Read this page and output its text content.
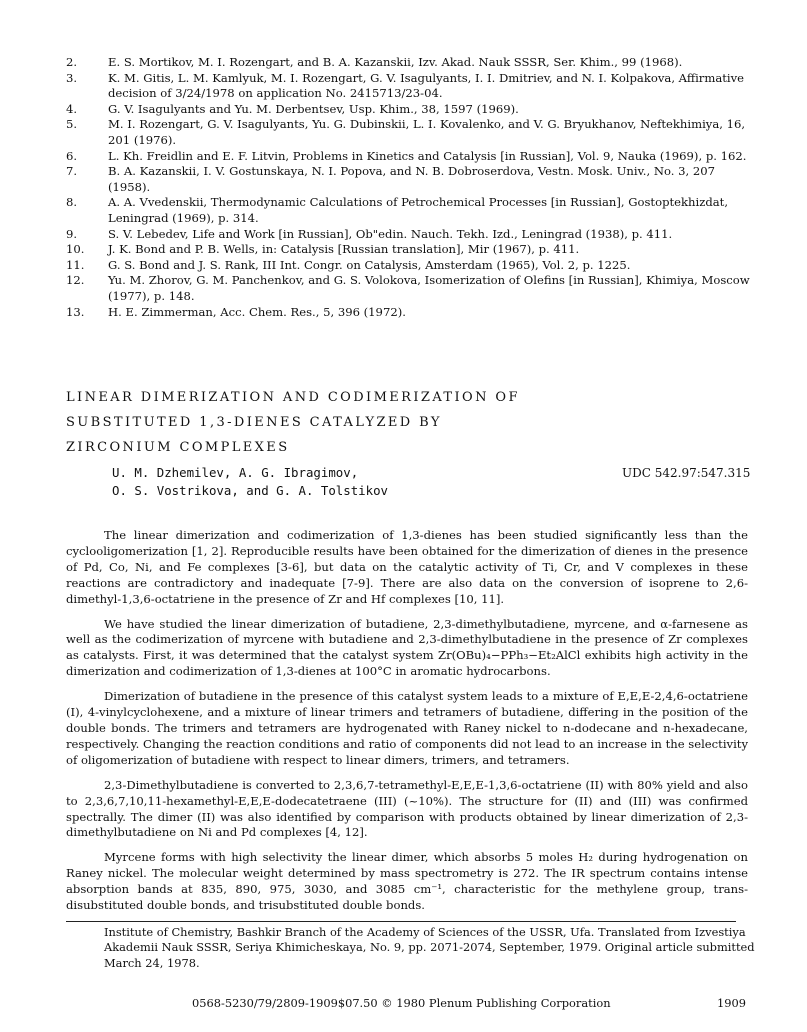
2.	E. S. Mortikov, M. I. Rozengart, and B. A. Kazanskii, Izv. Akad. Nauk SSSR, Ser. Khim., 99 (1968).
3.	K. M. Gitis, L. M. Kamlyuk, M. I. Rozengart, G. V. Isagulyants, I. I. Dmitriev, and N. I. Kolpakova, Affirmative decision of 3/24/1978 on application No. 2415713/23-04.
4.	G. V. Isagulyants and Yu. M. Derbentsev, Usp. Khim., 38, 1597 (1969).
5.	M. I. Rozengart, G. V. Isagulyants, Yu. G. Dubinskii, L. I. Kovalenko, and V. G. Bryukhanov, Neftekhimiya, 16, 201 (1976).
6.	L. Kh. Freidlin and E. F. Litvin, Problems in Kinetics and Catalysis [in Russian], Vol. 9, Nauka (1969), p. 162.
7.	B. A. Kazanskii, I. V. Gostunskaya, N. I. Popova, and N. B. Dobroserdova, Vestn. Mosk. Univ., No. 3, 207 (1958).
8.	A. A. Vvedenskii, Thermodynamic Calculations of Petrochemical Processes [in Russian], Gostoptekhizdat, Leningrad (1969), p. 314.
9.	S. V. Lebedev, Life and Work [in Russian], Ob"edin. Nauch. Tekh. Izd., Leningrad (1938), p. 411.
10.	J. K. Bond and P. B. Wells, in: Catalysis [Russian translation], Mir (1967), p. 411.
11.	G. S. Bond and J. S. Rank, III Int. Congr. on Catalysis, Amsterdam (1965), Vol. 2, p. 1225.
12.	Yu. M. Zhorov, G. M. Panchenkov, and G. S. Volokova, Isomerization of Olefins [in Russian], Khimiya, Moscow (1977), p. 148.
13.	H. E. Zimmerman, Acc. Chem. Res., 5, 396 (1972).
LINEAR DIMERIZATION AND CODIMERIZATION OF
SUBSTITUTED 1,3-DIENES CATALYZED BY
ZIRCONIUM COMPLEXES
U. M. Dzhemilev, A. G. Ibragimov,
O. S. Vostrikova, and G. A. Tolstikov
UDC 542.97:547.315

The linear dimerization and codimerization of 1,3-dienes has been studied significantly less than the cyclooligomerization [1, 2]. Reproducible results have been obtained for the dimerization of dienes in the presence of Pd, Co, Ni, and Fe complexes [3-6], but data on the catalytic activity of Ti, Cr, and V complexes in these reactions are contradictory and inadequate [7-9]. There are also data on the conversion of isoprene to 2,6-dimethyl-1,3,6-octatriene in the presence of Zr and Hf complexes [10, 11].

We have studied the linear dimerization of butadiene, 2,3-dimethylbutadiene, myrcene, and α-farnesene as well as the codimerization of myrcene with butadiene and 2,3-dimethylbutadiene in the presence of Zr complexes as catalysts. First, it was determined that the catalyst system Zr(OBu)₄−PPh₃−Et₂AlCl exhibits high activity in the dimerization and codimerization of 1,3-dienes at 100°C in aromatic hydrocarbons.

Dimerization of butadiene in the presence of this catalyst system leads to a mixture of E,E,E-2,4,6-octatriene (I), 4-vinylcyclohexene, and a mixture of linear trimers and tetramers of butadiene, differing in the position of the double bonds. The trimers and tetramers are hydrogenated with Raney nickel to n-dodecane and n-hexadecane, respectively. Changing the reaction conditions and ratio of components did not lead to an increase in the selectivity of oligomerization of butadiene with respect to linear dimers, trimers, and tetramers.

2,3-Dimethylbutadiene is converted to 2,3,6,7-tetramethyl-E,E,E-1,3,6-octatriene (II) with 80% yield and also to 2,3,6,7,10,11-hexamethyl-E,E,E-dodecatetraene (III) (~10%). The structure for (II) and (III) was confirmed spectrally. The dimer (II) was also identified by comparison with products obtained by linear dimerization of 2,3-dimethylbutadiene on Ni and Pd complexes [4, 12].

Myrcene forms with high selectivity the linear dimer, which absorbs 5 moles H₂ during hydrogenation on Raney nickel. The molecular weight determined by mass spectrometry is 272. The IR spectrum contains intense absorption bands at 835, 890, 975, 3030, and 3085 cm⁻¹, characteristic for the methylene group, trans-disubstituted double bonds, and trisubstituted double bonds.

Institute of Chemistry, Bashkir Branch of the Academy of Sciences of the USSR, Ufa. Translated from Izvestiya Akademii Nauk SSSR, Seriya Khimicheskaya, No. 9, pp. 2071-2074, September, 1979. Original article submitted March 24, 1978.
0568-5230/79/2809-1909$07.50 © 1980 Plenum Publishing Corporation	1909
